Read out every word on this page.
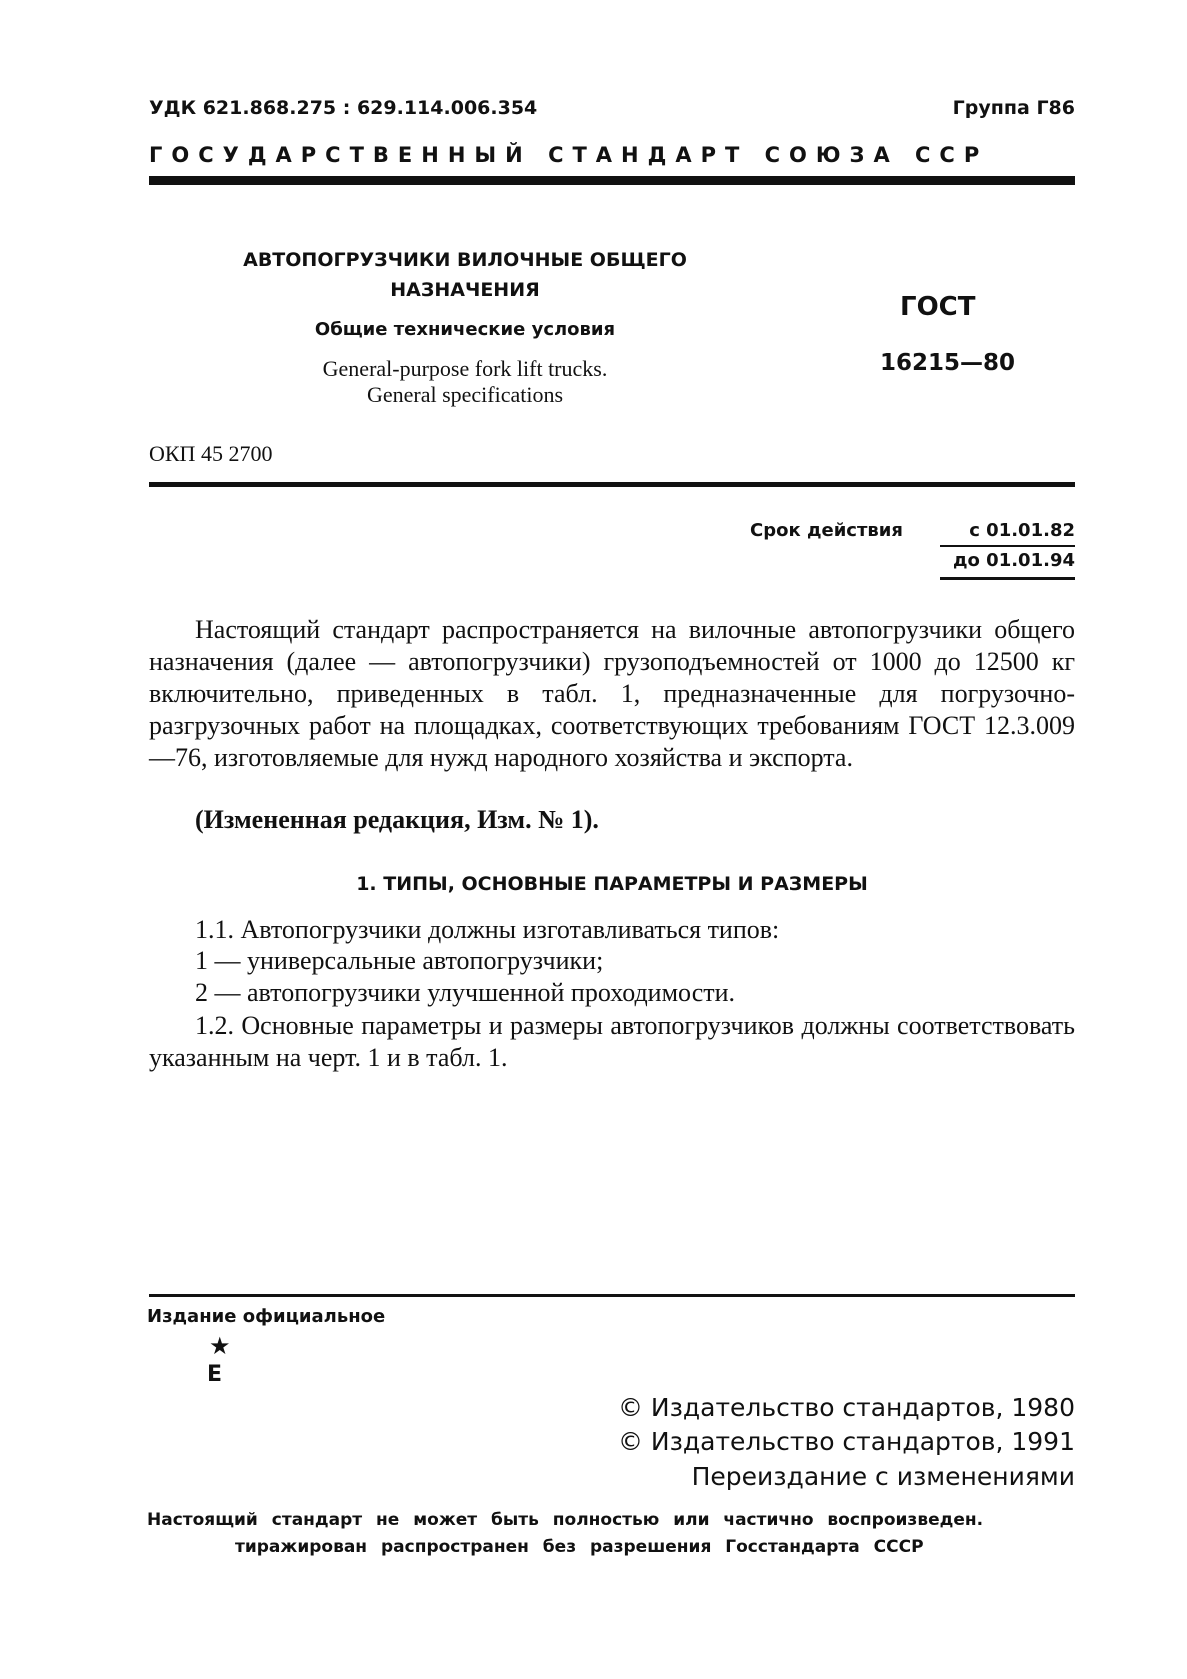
УДК 621.868.275 : 629.114.006.354	Группа Г86
ГОСУДАРСТВЕННЫЙ СТАНДАРТ СОЮЗА ССР
АВТОПОГРУЗЧИКИ ВИЛОЧНЫЕ ОБЩЕГО
НАЗНАЧЕНИЯ
Общие технические условия
General-purpose fork lift trucks.
General specifications
ГОСТ
16215—80
ОКП 45 2700
Срок действия	с 01.01.82
до 01.01.94
Настоящий стандарт распространяется на вилочные автопогрузчики общего назначения (далее — автопогрузчики) грузоподъемностей от 1000 до 12500 кг включительно, приведенных в табл. 1, предназначенные для погрузочно-разгрузочных работ на площадках, соответствующих требованиям ГОСТ 12.3.009—76, изготовляемые для нужд народного хозяйства и экспорта.
(Измененная редакция, Изм. № 1).
1. ТИПЫ, ОСНОВНЫЕ ПАРАМЕТРЫ И РАЗМЕРЫ
1.1. Автопогрузчики должны изготавливаться типов:
1 — универсальные автопогрузчики;
2 — автопогрузчики улучшенной проходимости.
1.2. Основные параметры и размеры автопогрузчиков должны соответствовать указанным на черт. 1 и в табл. 1.
Издание официальное
★
Е
© Издательство стандартов, 1980
© Издательство стандартов, 1991
Переиздание с изменениями
Настоящий стандарт не может быть полностью или частично воспроизведен.
тиражирован распространен без разрешения Госстандарта СССР
